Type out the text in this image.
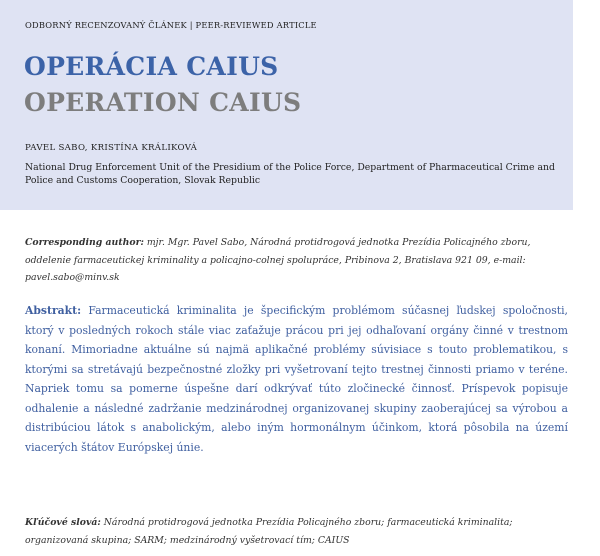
ODBORNÝ RECENZOVANÝ ČLÁNEK | PEER-REVIEWED ARTICLE
OPERÁCIA CAIUS
OPERATION CAIUS
PAVEL SABO, KRISTÍNA KRÁLIKOVÁ
National Drug Enforcement Unit of the Presidium of the Police Force, Department of Pharmaceutical Crime and Police and Customs Cooperation, Slovak Republic
Corresponding author: mjr. Mgr. Pavel Sabo, Národná protidrogová jednotka Prezídia Policajného zboru, oddelenie farmaceutickej kriminality a policajno-colnej spolupráce, Pribinova 2, Bratislava 921 09, e-mail: pavel.sabo@minv.sk
Abstrakt: Farmaceutická kriminalita je špecifickým problémom súčasnej ľudskej spoločnosti, ktorý v posledných rokoch stále viac zaťažuje prácou pri jej odhaľovaní orgány činné v trestnom konaní. Mimoriadne aktuálne sú najmä aplikačné problémy súvisiace s touto problematikou, s ktorými sa stretávajú bezpečnostné zložky pri vyšetrovaní tejto trestnej činnosti priamo v teréne. Napriek tomu sa pomerne úspešne darí odkrývať túto zločinecké činnosť. Príspevok popisuje odhalenie a následné zadržanie medzinárodnej organizovanej skupiny zaoberajúcej sa výrobou a distribúciou látok s anabolickým, alebo iným hormonálnym účinkom, ktorá pôsobila na území viacerých štátov Európskej únie.
Kľúčové slová: Národná protidrogová jednotka Prezídia Policajného zboru; farmaceutická kriminalita; organizovaná skupina; SARM; medzinárodný vyšetrovací tím; CAIUS
